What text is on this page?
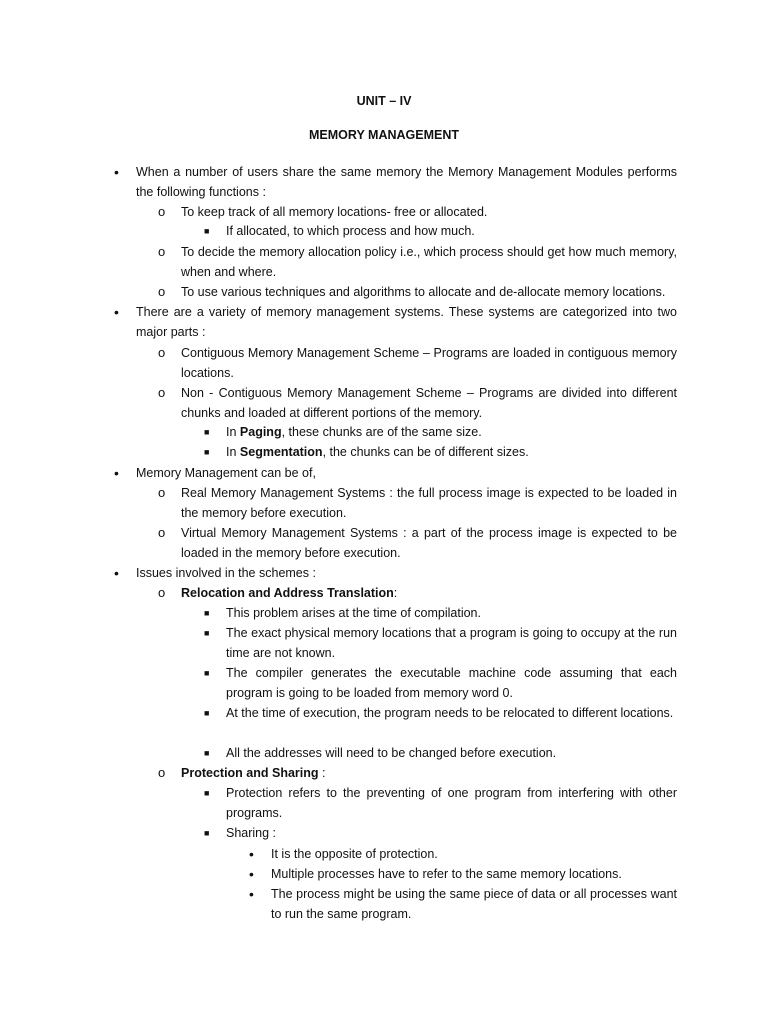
UNIT – IV

MEMORY MANAGEMENT

• When a number of users share the same memory the Memory Management Modules performs the following functions :

o To keep track of all memory locations- free or allocated.

■ If allocated, to which process and how much.

o To decide the memory allocation policy i.e., which process should get how much memory, when and where.

o To use various techniques and algorithms to allocate and de-allocate memory locations.

• There are a variety of memory management systems. These systems are categorized into two major parts :

o Contiguous Memory Management Scheme – Programs are loaded in contiguous memory locations.

o Non - Contiguous Memory Management Scheme – Programs are divided into different chunks and loaded at different portions of the memory.

■ In Paging, these chunks are of the same size.

■ In Segmentation, the chunks can be of different sizes.

• Memory Management can be of,

o Real Memory Management Systems : the full process image is expected to be loaded in the memory before execution.

o Virtual Memory Management Systems : a part of the process image is expected to be loaded in the memory before execution.

• Issues involved in the schemes :

o Relocation and Address Translation:

■ This problem arises at the time of compilation.

■ The exact physical memory locations that a program is going to occupy at the run time are not known.

■ The compiler generates the executable machine code assuming that each program is going to be loaded from memory word 0.

■ At the time of execution, the program needs to be relocated to different locations.

■ All the addresses will need to be changed before execution.

o Protection and Sharing :

■ Protection refers to the preventing of one program from interfering with other programs.

■ Sharing :

• It is the opposite of protection.

• Multiple processes have to refer to the same memory locations.

• The process might be using the same piece of data or all processes want to run the same program.
